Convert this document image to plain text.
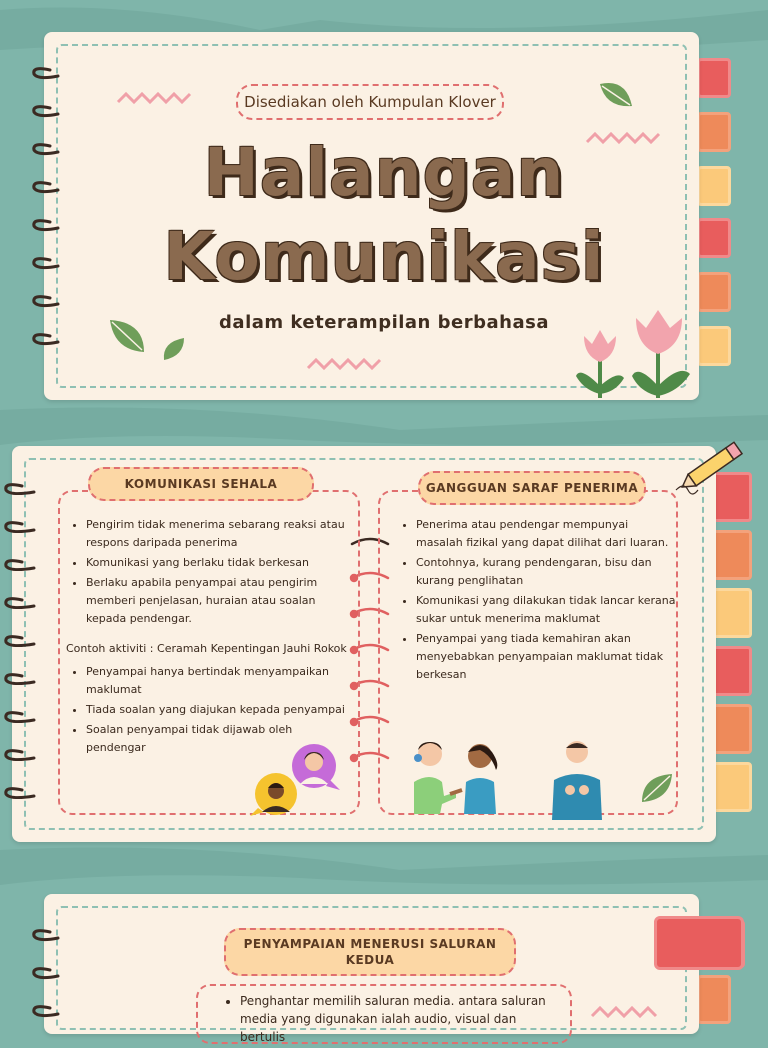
Disediakan oleh Kumpulan Klover
Halangan
Komunikasi
dalam keterampilan berbahasa
KOMUNIKASI SEHALA	GANGGUAN SARAF PENERIMA
• Pengirim tidak menerima sebarang reaksi atau respons daripada penerima
• Komunikasi yang berlaku tidak berkesan
• Berlaku apabila penyampai atau pengirim memberi penjelasan, huraian atau soalan kepada pendengar.
Contoh aktiviti : Ceramah Kepentingan Jauhi Rokok
• Penyampai hanya bertindak menyampaikan maklumat
• Tiada soalan yang diajukan kepada penyampai
• Soalan penyampai tidak dijawab oleh pendengar
• Penerima atau pendengar mempunyai masalah fizikal yang dapat dilihat dari luaran.
• Contohnya, kurang pendengaran, bisu dan kurang penglihatan
• Komunikasi yang dilakukan tidak lancar kerana sukar untuk menerima maklumat
• Penyampai yang tiada kemahiran akan menyebabkan penyampaian maklumat tidak berkesan
PENYAMPAIAN MENERUSI SALURAN KEDUA
• Penghantar memilih saluran media. antara saluran media yang digunakan ialah audio, visual dan bertulis
